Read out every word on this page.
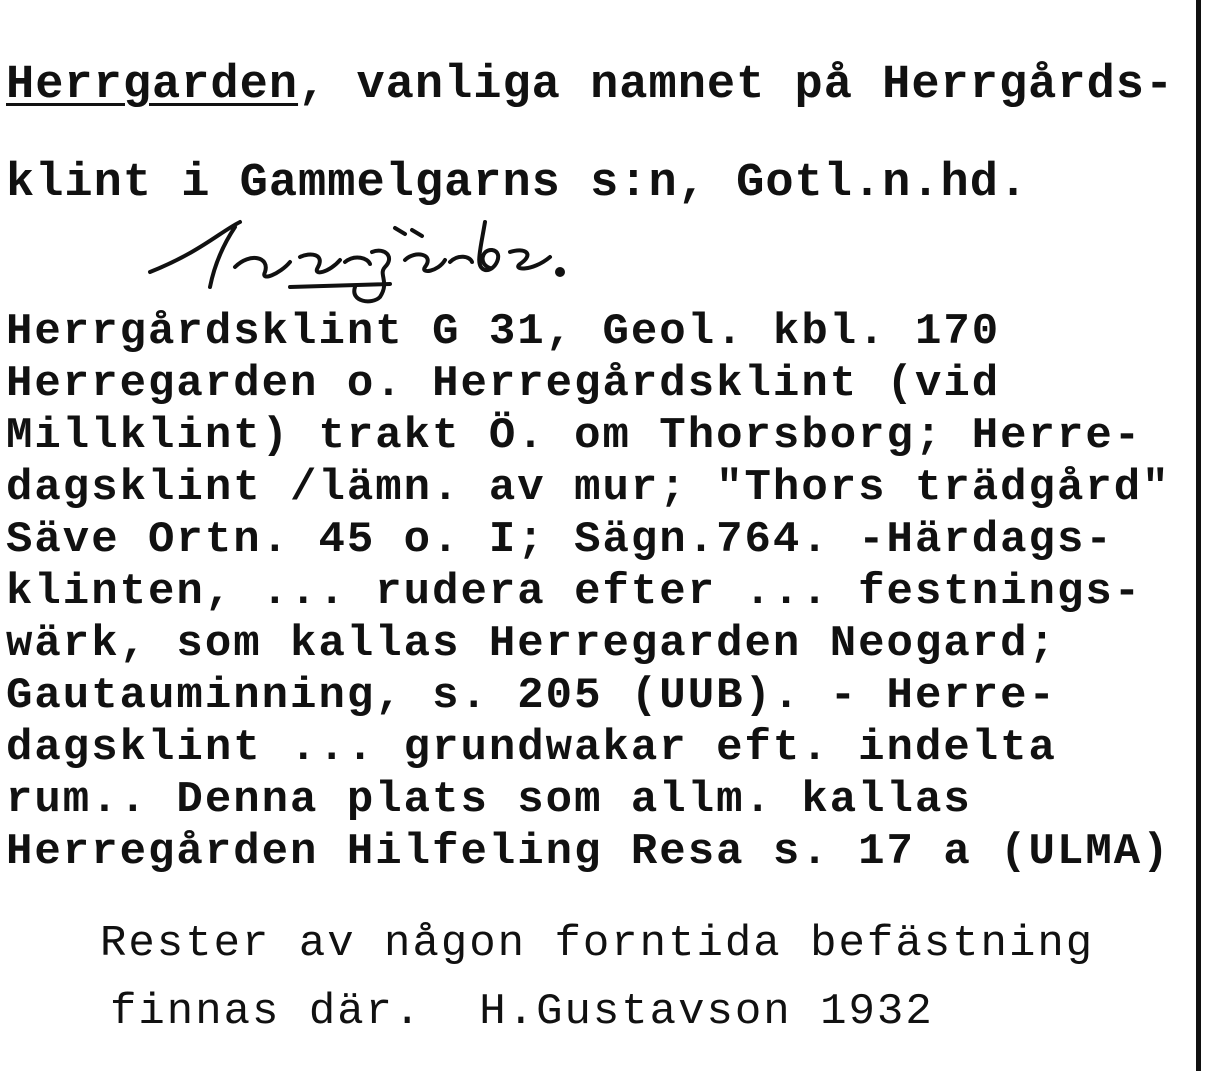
Herrgarden, vanliga namnet på Herrgårds-
klint i Gammelgarns s:n, Gotl.n.hd.
Herrgårdsklint G 31, Geol. kbl. 170
Herregarden o. Herregårdsklint (vid
Millklint) trakt Ö. om Thorsborg; Herre-
dagsklint /lämn. av mur; "Thors trädgård"
Säve Ortn. 45 o. I; Sägn.764. -Härdags-
klinten, ... rudera efter ... festnings-
wärk, som kallas Herregarden Neogard;
Gautauminning, s. 205 (UUB). - Herre-
dagsklint ... grundwakar eft. indelta
rum.. Denna plats som allm. kallas
Herregården Hilfeling Resa s. 17 a (ULMA)
Rester av någon forntida befästning
finnas där.  H.Gustavson 1932
